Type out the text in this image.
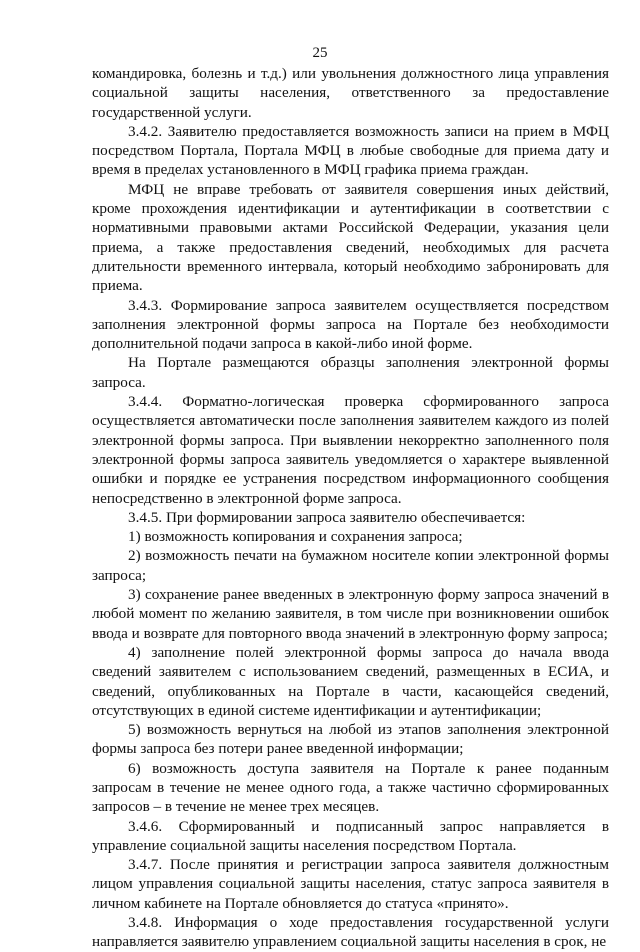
25

командировка, болезнь и т.д.) или увольнения должностного лица управления социальной защиты населения, ответственного за предоставление государственной услуги.

3.4.2. Заявителю предоставляется возможность записи на прием в МФЦ посредством Портала, Портала МФЦ в любые свободные для приема дату и время в пределах установленного в МФЦ графика приема граждан.

МФЦ не вправе требовать от заявителя совершения иных действий, кроме прохождения идентификации и аутентификации в соответствии с нормативными правовыми актами Российской Федерации, указания цели приема, а также предоставления сведений, необходимых для расчета длительности временного интервала, который необходимо забронировать для приема.

3.4.3. Формирование запроса заявителем осуществляется посредством заполнения электронной формы запроса на Портале без необходимости дополнительной подачи запроса в какой-либо иной форме.

На Портале размещаются образцы заполнения электронной формы запроса.

3.4.4. Форматно-логическая проверка сформированного запроса осуществляется автоматически после заполнения заявителем каждого из полей электронной формы запроса. При выявлении некорректно заполненного поля электронной формы запроса заявитель уведомляется о характере выявленной ошибки и порядке ее устранения посредством информационного сообщения непосредственно в электронной форме запроса.

3.4.5. При формировании запроса заявителю обеспечивается:

1) возможность копирования и сохранения запроса;

2) возможность печати на бумажном носителе копии электронной формы запроса;

3) сохранение ранее введенных в электронную форму запроса значений в любой момент по желанию заявителя, в том числе при возникновении ошибок ввода и возврате для повторного ввода значений в электронную форму запроса;

4) заполнение полей электронной формы запроса до начала ввода сведений заявителем с использованием сведений, размещенных в ЕСИА, и сведений, опубликованных на Портале в части, касающейся сведений, отсутствующих в единой системе идентификации и аутентификации;

5) возможность вернуться на любой из этапов заполнения электронной формы запроса без потери ранее введенной информации;

6) возможность доступа заявителя на Портале к ранее поданным запросам в течение не менее одного года, а также частично сформированных запросов – в течение не менее трех месяцев.

3.4.6. Сформированный и подписанный запрос направляется в управление социальной защиты населения посредством Портала.

3.4.7. После принятия и регистрации запроса заявителя должностным лицом управления социальной защиты населения, статус запроса заявителя в личном кабинете на Портале обновляется до статуса «принято».

3.4.8. Информация о ходе предоставления государственной услуги направляется заявителю управлением социальной защиты населения в срок, не
